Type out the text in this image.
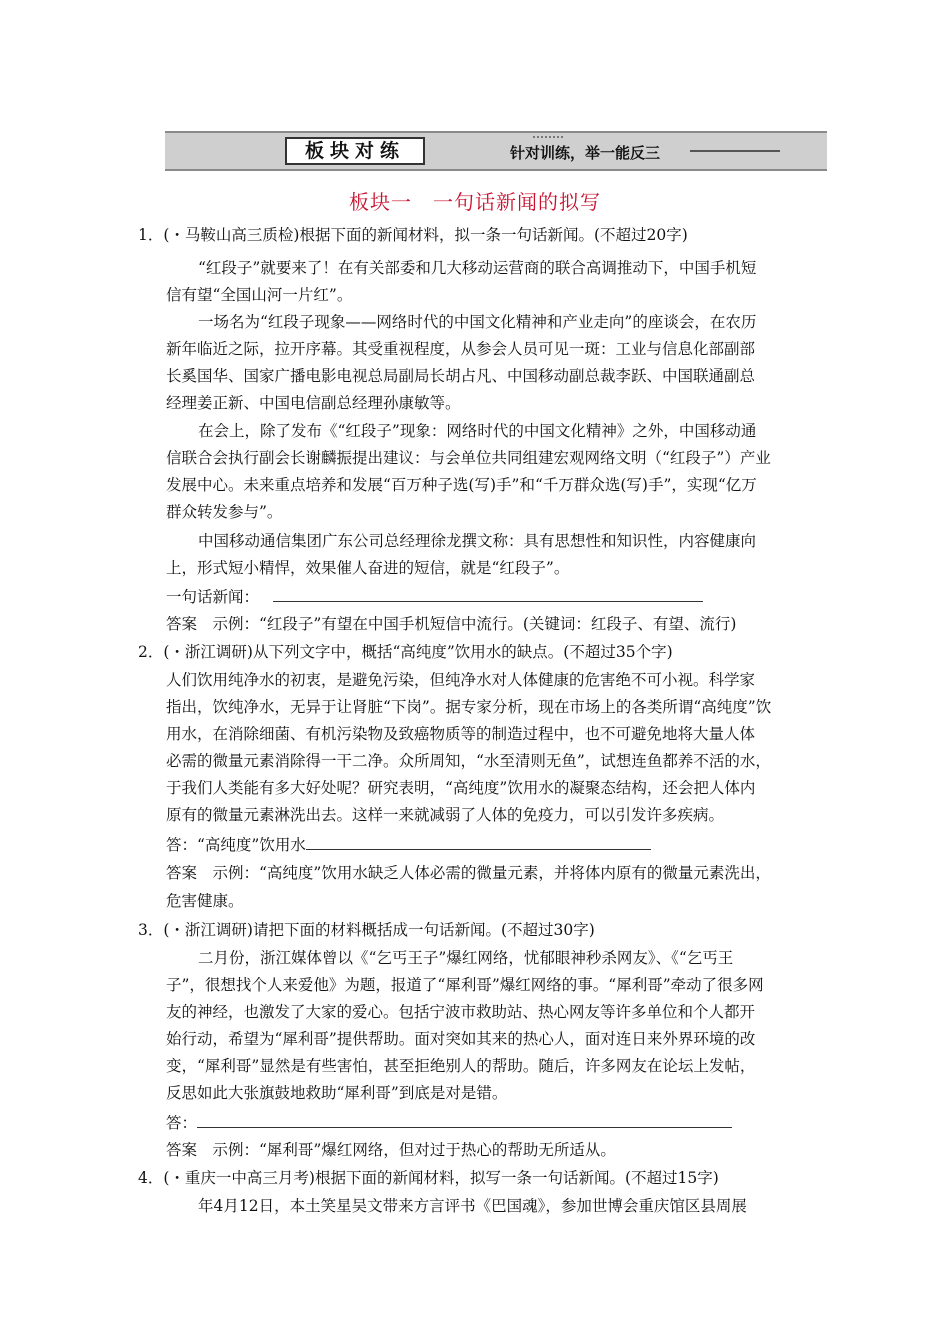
板块对练	针对训练，举一能反三
板块一　一句话新闻的拟写
1．(・马鞍山高三质检)根据下面的新闻材料，拟一条一句话新闻。(不超过20字)
“红段子”就要来了！在有关部委和几大移动运营商的联合高调推动下，中国手机短
信有望“全国山河一片红”。
一场名为“红段子现象——网络时代的中国文化精神和产业走向”的座谈会，在农历
新年临近之际，拉开序幕。其受重视程度，从参会人员可见一斑：工业与信息化部副部
长奚国华、国家广播电影电视总局副局长胡占凡、中国移动副总裁李跃、中国联通副总
经理姜正新、中国电信副总经理孙康敏等。
在会上，除了发布《“红段子”现象：网络时代的中国文化精神》之外，中国移动通
信联合会执行副会长谢麟振提出建议：与会单位共同组建宏观网络文明（“红段子”）产业
发展中心。未来重点培养和发展“百万种子选(写)手”和“千万群众选(写)手”，实现“亿万
群众转发参与”。
中国移动通信集团广东公司总经理徐龙撰文称：具有思想性和知识性，内容健康向
上，形式短小精悍，效果催人奋进的短信，就是“红段子”。
一句话新闻：
答案　示例：“红段子”有望在中国手机短信中流行。(关键词：红段子、有望、流行)
2．(・浙江调研)从下列文字中，概括“高纯度”饮用水的缺点。(不超过35个字)
人们饮用纯净水的初衷，是避免污染，但纯净水对人体健康的危害绝不可小视。科学家
指出，饮纯净水，无异于让肾脏“下岗”。据专家分析，现在市场上的各类所谓“高纯度”饮
用水，在消除细菌、有机污染物及致癌物质等的制造过程中，也不可避免地将大量人体
必需的微量元素消除得一干二净。众所周知，“水至清则无鱼”，试想连鱼都养不活的水，
于我们人类能有多大好处呢？研究表明，“高纯度”饮用水的凝聚态结构，还会把人体内
原有的微量元素淋洗出去。这样一来就减弱了人体的免疫力，可以引发许多疾病。
答：“高纯度”饮用水
答案　示例：“高纯度”饮用水缺乏人体必需的微量元素，并将体内原有的微量元素洗出，
危害健康。
3．(・浙江调研)请把下面的材料概括成一句话新闻。(不超过30字)
二月份，浙江媒体曾以《“乞丐王子”爆红网络，忧郁眼神秒杀网友》、《“乞丐王
子”，很想找个人来爱他》为题，报道了“犀利哥”爆红网络的事。“犀利哥”牵动了很多网
友的神经，也激发了大家的爱心。包括宁波市救助站、热心网友等许多单位和个人都开
始行动，希望为“犀利哥”提供帮助。面对突如其来的热心人，面对连日来外界环境的改
变，“犀利哥”显然是有些害怕，甚至拒绝别人的帮助。随后，许多网友在论坛上发帖，
反思如此大张旗鼓地救助“犀利哥”到底是对是错。
答：
答案　示例：“犀利哥”爆红网络，但对过于热心的帮助无所适从。
4．(・重庆一中高三月考)根据下面的新闻材料，拟写一条一句话新闻。(不超过15字)
年4月12日，本土笑星吴文带来方言评书《巴国魂》，参加世博会重庆馆区县周展
